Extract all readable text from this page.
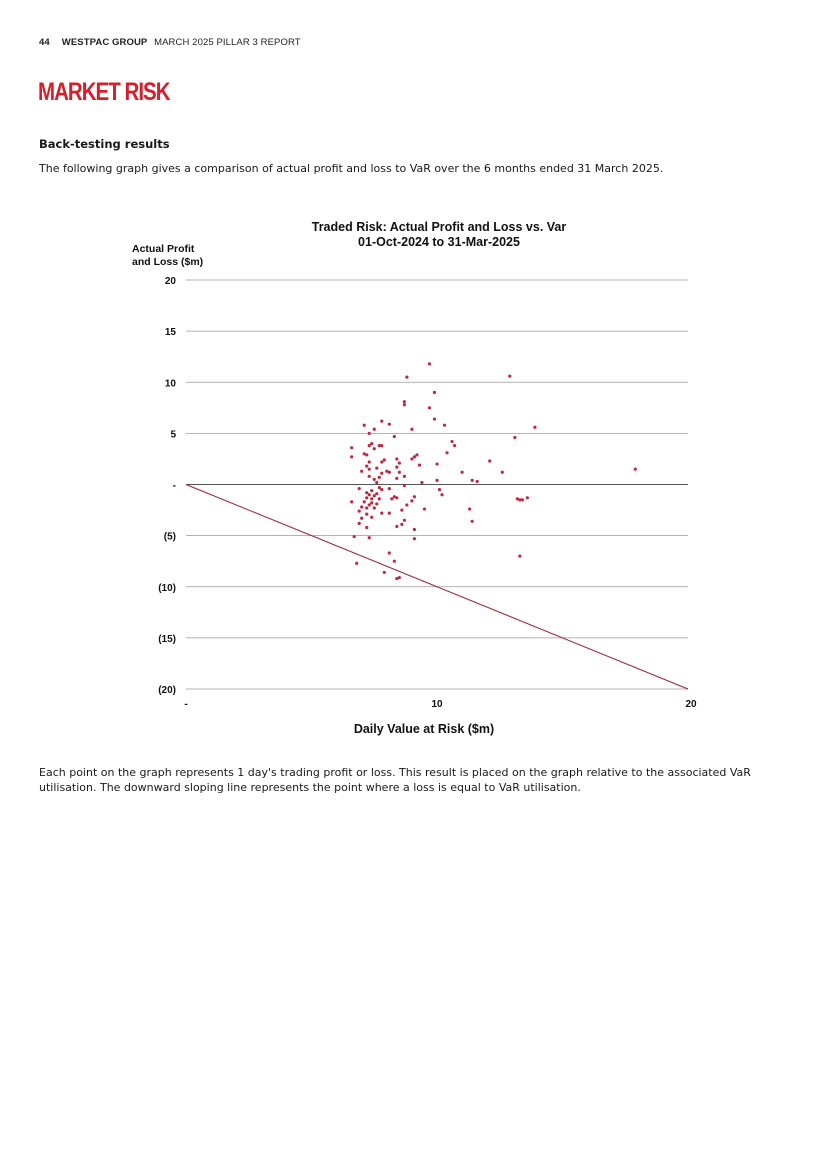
44 WESTPAC GROUP MARCH 2025 PILLAR 3 REPORT
MARKET RISK
Back-testing results
The following graph gives a comparison of actual profit and loss to VaR over the 6 months ended 31 March 2025.
Traded Risk: Actual Profit and Loss vs. Var
01-Oct-2024 to 31-Mar-2025
Actual Profit
and Loss ($m)
20
15
10
5
-
(5)
(10)
(15)
(20)
-	10	20
Daily Value at Risk ($m)
Each point on the graph represents 1 day's trading profit or loss. This result is placed on the graph relative to the associated VaR utilisation. The downward sloping line represents the point where a loss is equal to VaR utilisation.
